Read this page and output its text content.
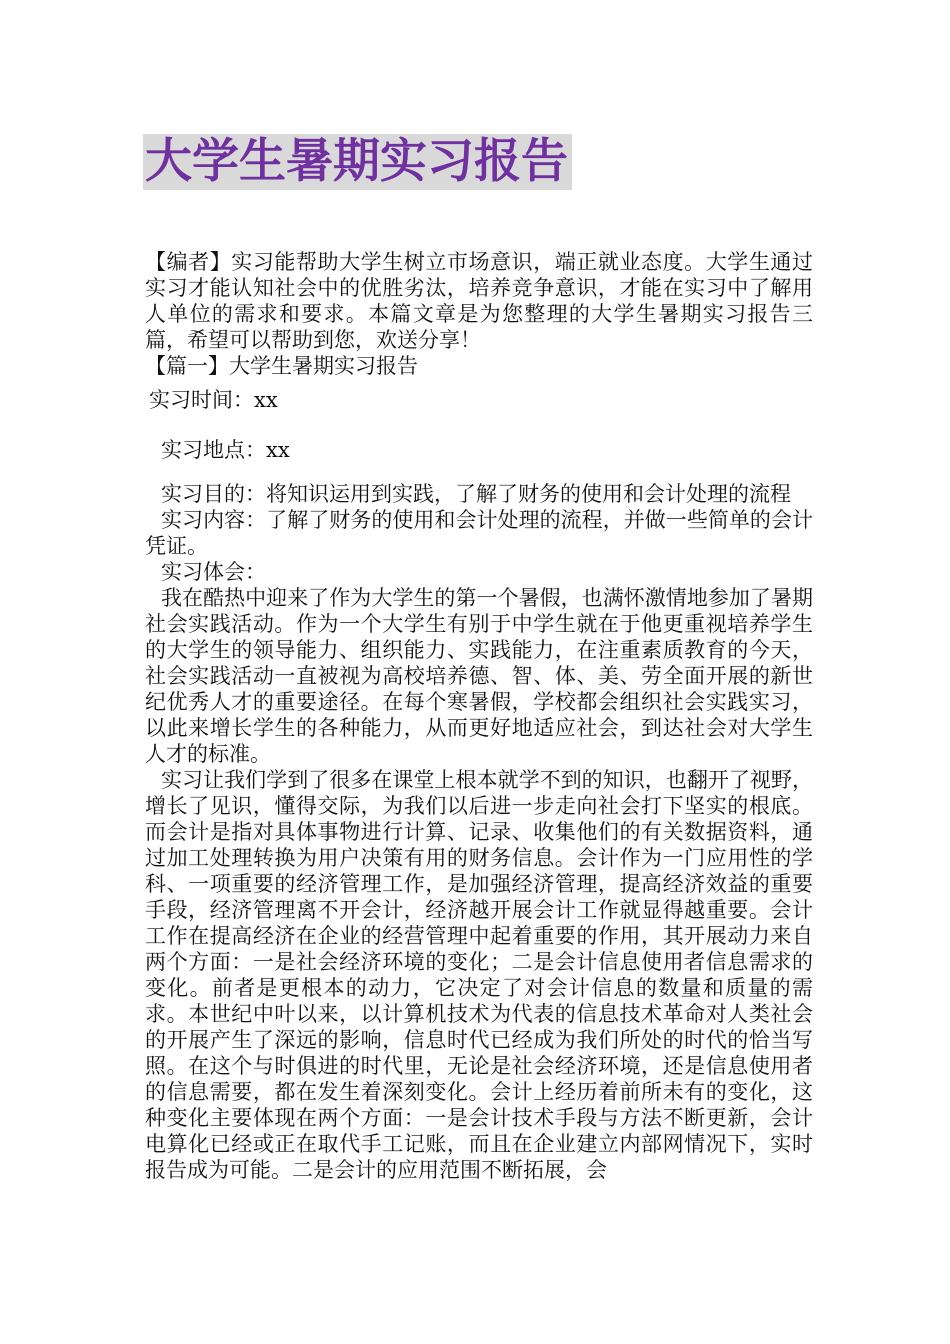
大学生暑期实习报告

【编者】实习能帮助大学生树立市场意识，端正就业态度。大学生通过实习才能认知社会中的优胜劣汰，培养竞争意识，才能在实习中了解用人单位的需求和要求。本篇文章是为您整理的大学生暑期实习报告三篇，希望可以帮助到您，欢送分享！

【篇一】大学生暑期实习报告

实习时间：xx

实习地点：xx

实习目的：将知识运用到实践，了解了财务的使用和会计处理的流程

实习内容：了解了财务的使用和会计处理的流程，并做一些简单的会计凭证。

实习体会：

我在酷热中迎来了作为大学生的第一个暑假，也满怀激情地参加了暑期社会实践活动。作为一个大学生有别于中学生就在于他更重视培养学生的大学生的领导能力、组织能力、实践能力，在注重素质教育的今天，社会实践活动一直被视为高校培养德、智、体、美、劳全面开展的新世纪优秀人才的重要途径。在每个寒暑假，学校都会组织社会实践实习，以此来增长学生的各种能力，从而更好地适应社会，到达社会对大学生人才的标准。

实习让我们学到了很多在课堂上根本就学不到的知识，也翻开了视野，增长了见识，懂得交际，为我们以后进一步走向社会打下坚实的根底。而会计是指对具体事物进行计算、记录、收集他们的有关数据资料，通过加工处理转换为用户决策有用的财务信息。会计作为一门应用性的学科、一项重要的经济管理工作，是加强经济管理，提高经济效益的重要手段，经济管理离不开会计，经济越开展会计工作就显得越重要。会计工作在提高经济在企业的经营管理中起着重要的作用，其开展动力来自两个方面：一是社会经济环境的变化；二是会计信息使用者信息需求的变化。前者是更根本的动力，它决定了对会计信息的数量和质量的需求。本世纪中叶以来，以计算机技术为代表的信息技术革命对人类社会的开展产生了深远的影响，信息时代已经成为我们所处的时代的恰当写照。在这个与时俱进的时代里，无论是社会经济环境，还是信息使用者的信息需要，都在发生着深刻变化。会计上经历着前所未有的变化，这种变化主要体现在两个方面：一是会计技术手段与方法不断更新，会计电算化已经或正在取代手工记账，而且在企业建立内部网情况下，实时报告成为可能。二是会计的应用范围不断拓展，会
